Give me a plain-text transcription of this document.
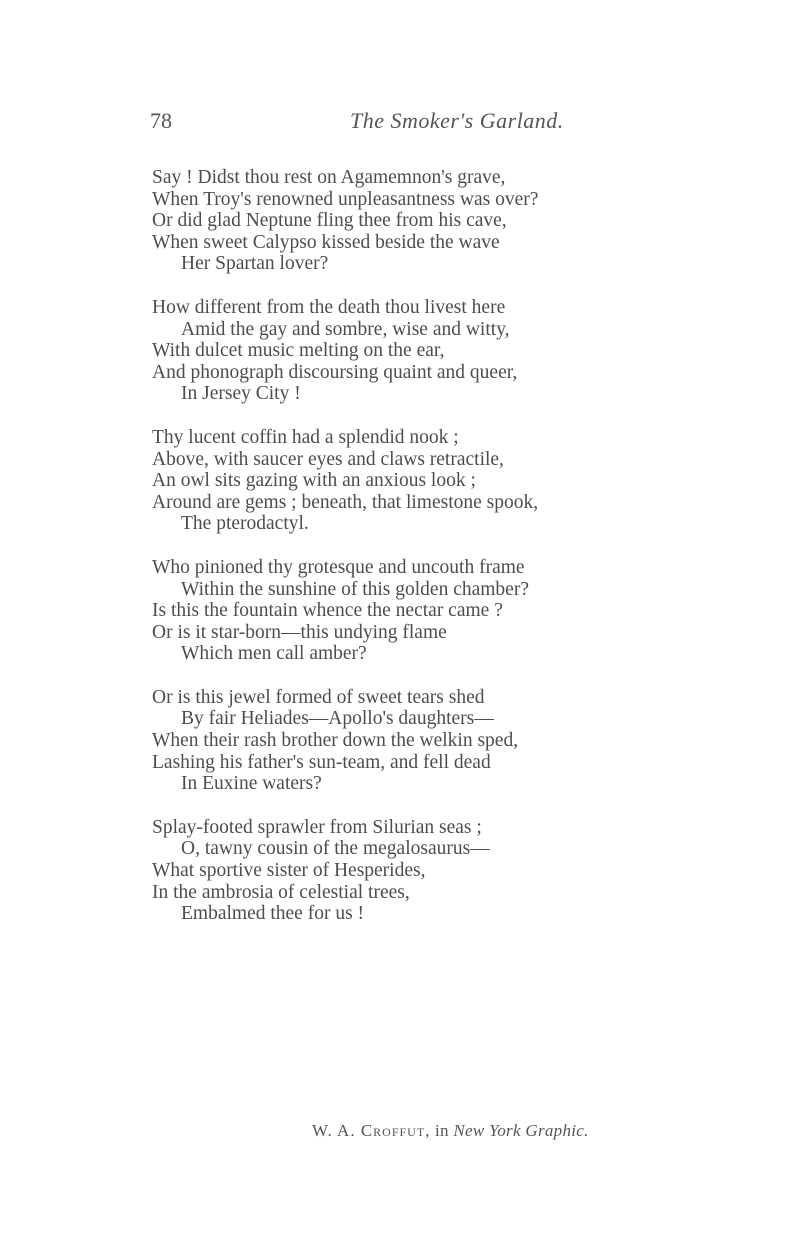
78	The Smoker's Garland.
Say ! Didst thou rest on Agamemnon's grave,
When Troy's renowned unpleasantness was over?
Or did glad Neptune fling thee from his cave,
When sweet Calypso kissed beside the wave
Her Spartan lover?
How different from the death thou livest here
Amid the gay and sombre, wise and witty,
With dulcet music melting on the ear,
And phonograph discoursing quaint and queer,
In Jersey City !
Thy lucent coffin had a splendid nook ;
Above, with saucer eyes and claws retractile,
An owl sits gazing with an anxious look ;
Around are gems ; beneath, that limestone spook,
The pterodactyl.
Who pinioned thy grotesque and uncouth frame
Within the sunshine of this golden chamber?
Is this the fountain whence the nectar came ?
Or is it star-born—this undying flame
Which men call amber?
Or is this jewel formed of sweet tears shed
By fair Heliades—Apollo's daughters—
When their rash brother down the welkin sped,
Lashing his father's sun-team, and fell dead
In Euxine waters?
Splay-footed sprawler from Silurian seas ;
O, tawny cousin of the megalosaurus—
What sportive sister of Hesperides,
In the ambrosia of celestial trees,
Embalmed thee for us !
W. A. Croffut, in New York Graphic.
